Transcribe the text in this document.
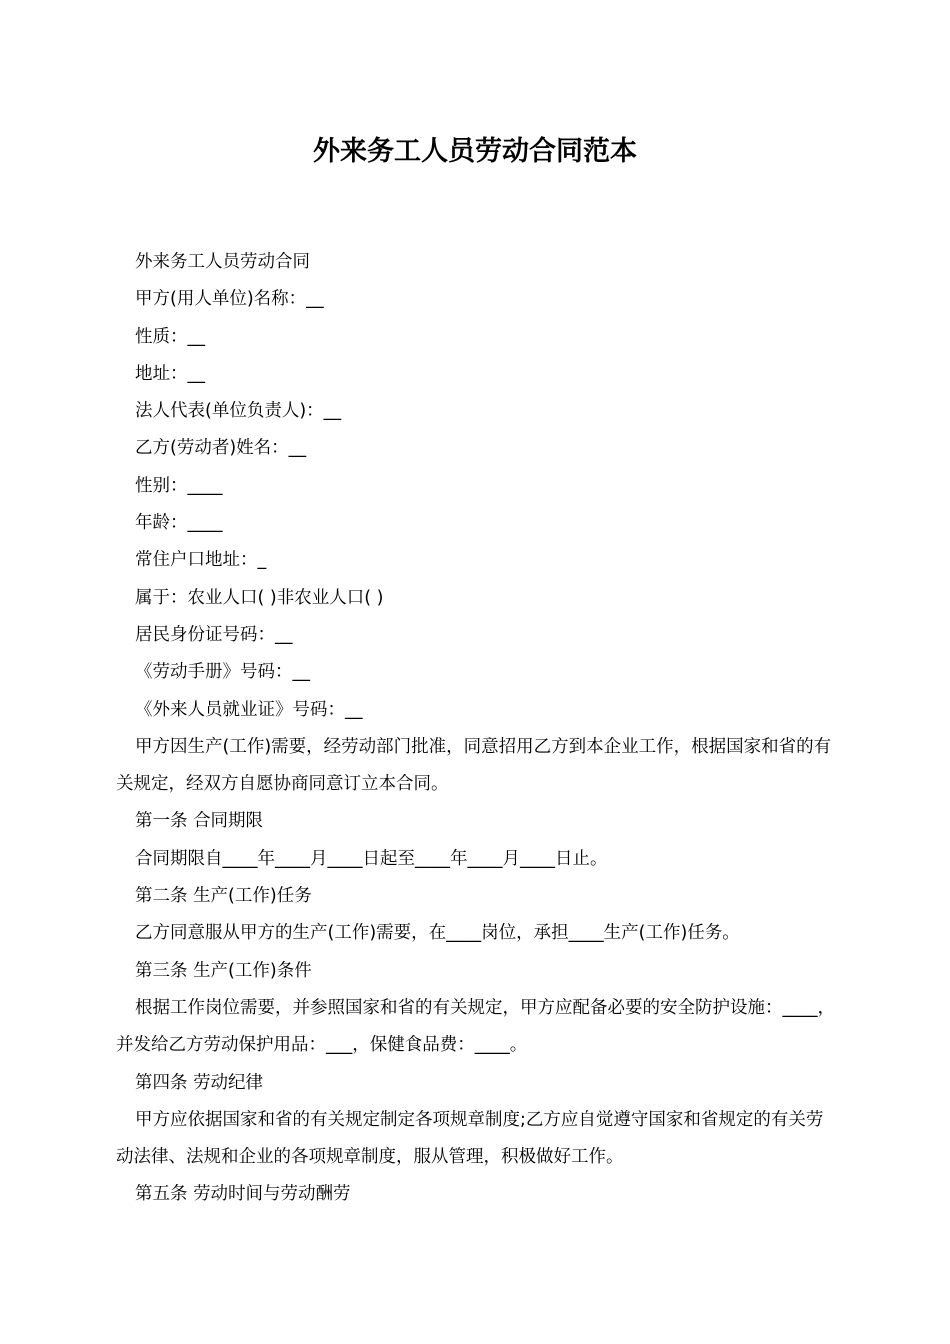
外来务工人员劳动合同范本

外来务工人员劳动合同

甲方(用人单位)名称：__

性质：__

地址：__

法人代表(单位负责人)：__

乙方(劳动者)姓名：__

性别：____

年龄：____

常住户口地址：_

属于：农业人口( )非农业人口( )

居民身份证号码：__

《劳动手册》号码：__

《外来人员就业证》号码：__

甲方因生产(工作)需要，经劳动部门批准，同意招用乙方到本企业工作，根据国家和省的有关规定，经双方自愿协商同意订立本合同。

第一条 合同期限

合同期限自____年____月____日起至____年____月____日止。

第二条 生产(工作)任务

乙方同意服从甲方的生产(工作)需要，在____岗位，承担____生产(工作)任务。

第三条 生产(工作)条件

根据工作岗位需要，并参照国家和省的有关规定，甲方应配备必要的安全防护设施：____，并发给乙方劳动保护用品：___，保健食品费：____。

第四条 劳动纪律

甲方应依据国家和省的有关规定制定各项规章制度;乙方应自觉遵守国家和省规定的有关劳动法律、法规和企业的各项规章制度，服从管理，积极做好工作。

第五条 劳动时间与劳动酬劳
